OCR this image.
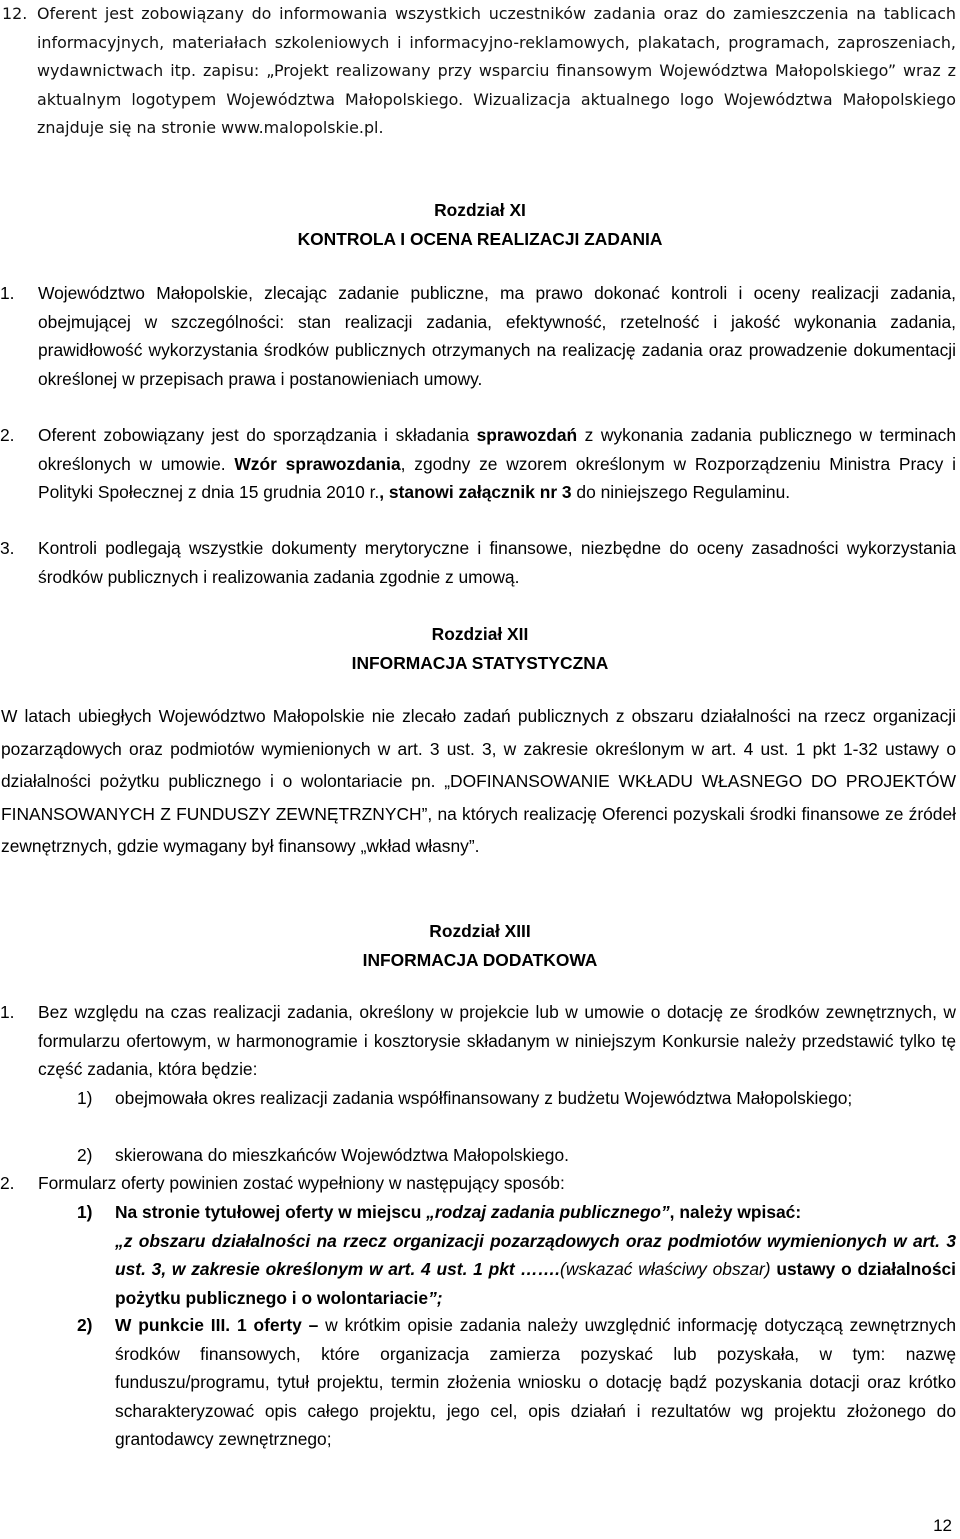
12. Oferent jest zobowiązany do informowania wszystkich uczestników zadania oraz do zamieszczenia na tablicach informacyjnych, materiałach szkoleniowych i informacyjno-reklamowych, plakatach, programach, zaproszeniach, wydawnictwach itp. zapisu: „Projekt realizowany przy wsparciu finansowym Województwa Małopolskiego” wraz z aktualnym logotypem Województwa Małopolskiego. Wizualizacja aktualnego logo Województwa Małopolskiego znajduje się na stronie www.malopolskie.pl.
Rozdział XI
KONTROLA I OCENA REALIZACJI ZADANIA
1. Województwo Małopolskie, zlecając zadanie publiczne, ma prawo dokonać kontroli i oceny realizacji zadania, obejmującej w szczególności: stan realizacji zadania, efektywność, rzetelność i jakość wykonania zadania, prawidłowość wykorzystania środków publicznych otrzymanych na realizację zadania oraz prowadzenie dokumentacji określonej w przepisach prawa i postanowieniach umowy.
2. Oferent zobowiązany jest do sporządzania i składania sprawozdań z wykonania zadania publicznego w terminach określonych w umowie. Wzór sprawozdania, zgodny ze wzorem określonym w Rozporządzeniu Ministra Pracy i Polityki Społecznej z dnia 15 grudnia 2010 r., stanowi załącznik nr 3 do niniejszego Regulaminu.
3. Kontroli podlegają wszystkie dokumenty merytoryczne i finansowe, niezbędne do oceny zasadności wykorzystania środków publicznych i realizowania zadania zgodnie z umową.
Rozdział XII
INFORMACJA STATYSTYCZNA
W latach ubiegłych Województwo Małopolskie nie zlecało zadań publicznych z obszaru działalności na rzecz organizacji pozarządowych oraz podmiotów wymienionych w art. 3 ust. 3, w zakresie określonym w art. 4 ust. 1 pkt 1-32 ustawy o działalności pożytku publicznego i o wolontariacie pn. „DOFINANSOWANIE WKŁADU WŁASNEGO DO PROJEKTÓW FINANSOWANYCH Z FUNDUSZY ZEWNĘTRZNYCH”, na których realizację Oferenci pozyskali środki finansowe ze źródeł zewnętrznych, gdzie wymagany był finansowy „wkład własny”.
Rozdział XIII
INFORMACJA DODATKOWA
1. Bez względu na czas realizacji zadania, określony w projekcie lub w umowie o dotację ze środków zewnętrznych, w formularzu ofertowym, w harmonogramie i kosztorysie składanym w niniejszym Konkursie należy przedstawić tylko tę część zadania, która będzie:
1) obejmowała okres realizacji zadania współfinansowany z budżetu Województwa Małopolskiego;
2) skierowana do mieszkańców Województwa Małopolskiego.
2. Formularz oferty powinien zostać wypełniony w następujący sposób:
1) Na stronie tytułowej oferty w miejscu „rodzaj zadania publicznego”, należy wpisać:
„z obszaru działalności na rzecz organizacji pozarządowych oraz podmiotów wymienionych w art. 3 ust. 3, w zakresie określonym w art. 4 ust. 1 pkt …….(wskazać właściwy obszar) ustawy o działalności pożytku publicznego i o wolontariacie”;
2) W punkcie III. 1 oferty – w krótkim opisie zadania należy uwzględnić informację dotyczącą zewnętrznych środków finansowych, które organizacja zamierza pozyskać lub pozyskała, w tym: nazwę funduszu/programu, tytuł projektu, termin złożenia wniosku o dotację bądź pozyskania dotacji oraz krótko scharakteryzować opis całego projektu, jego cel, opis działań i rezultatów wg projektu złożonego do grantodawcy zewnętrznego;
12
